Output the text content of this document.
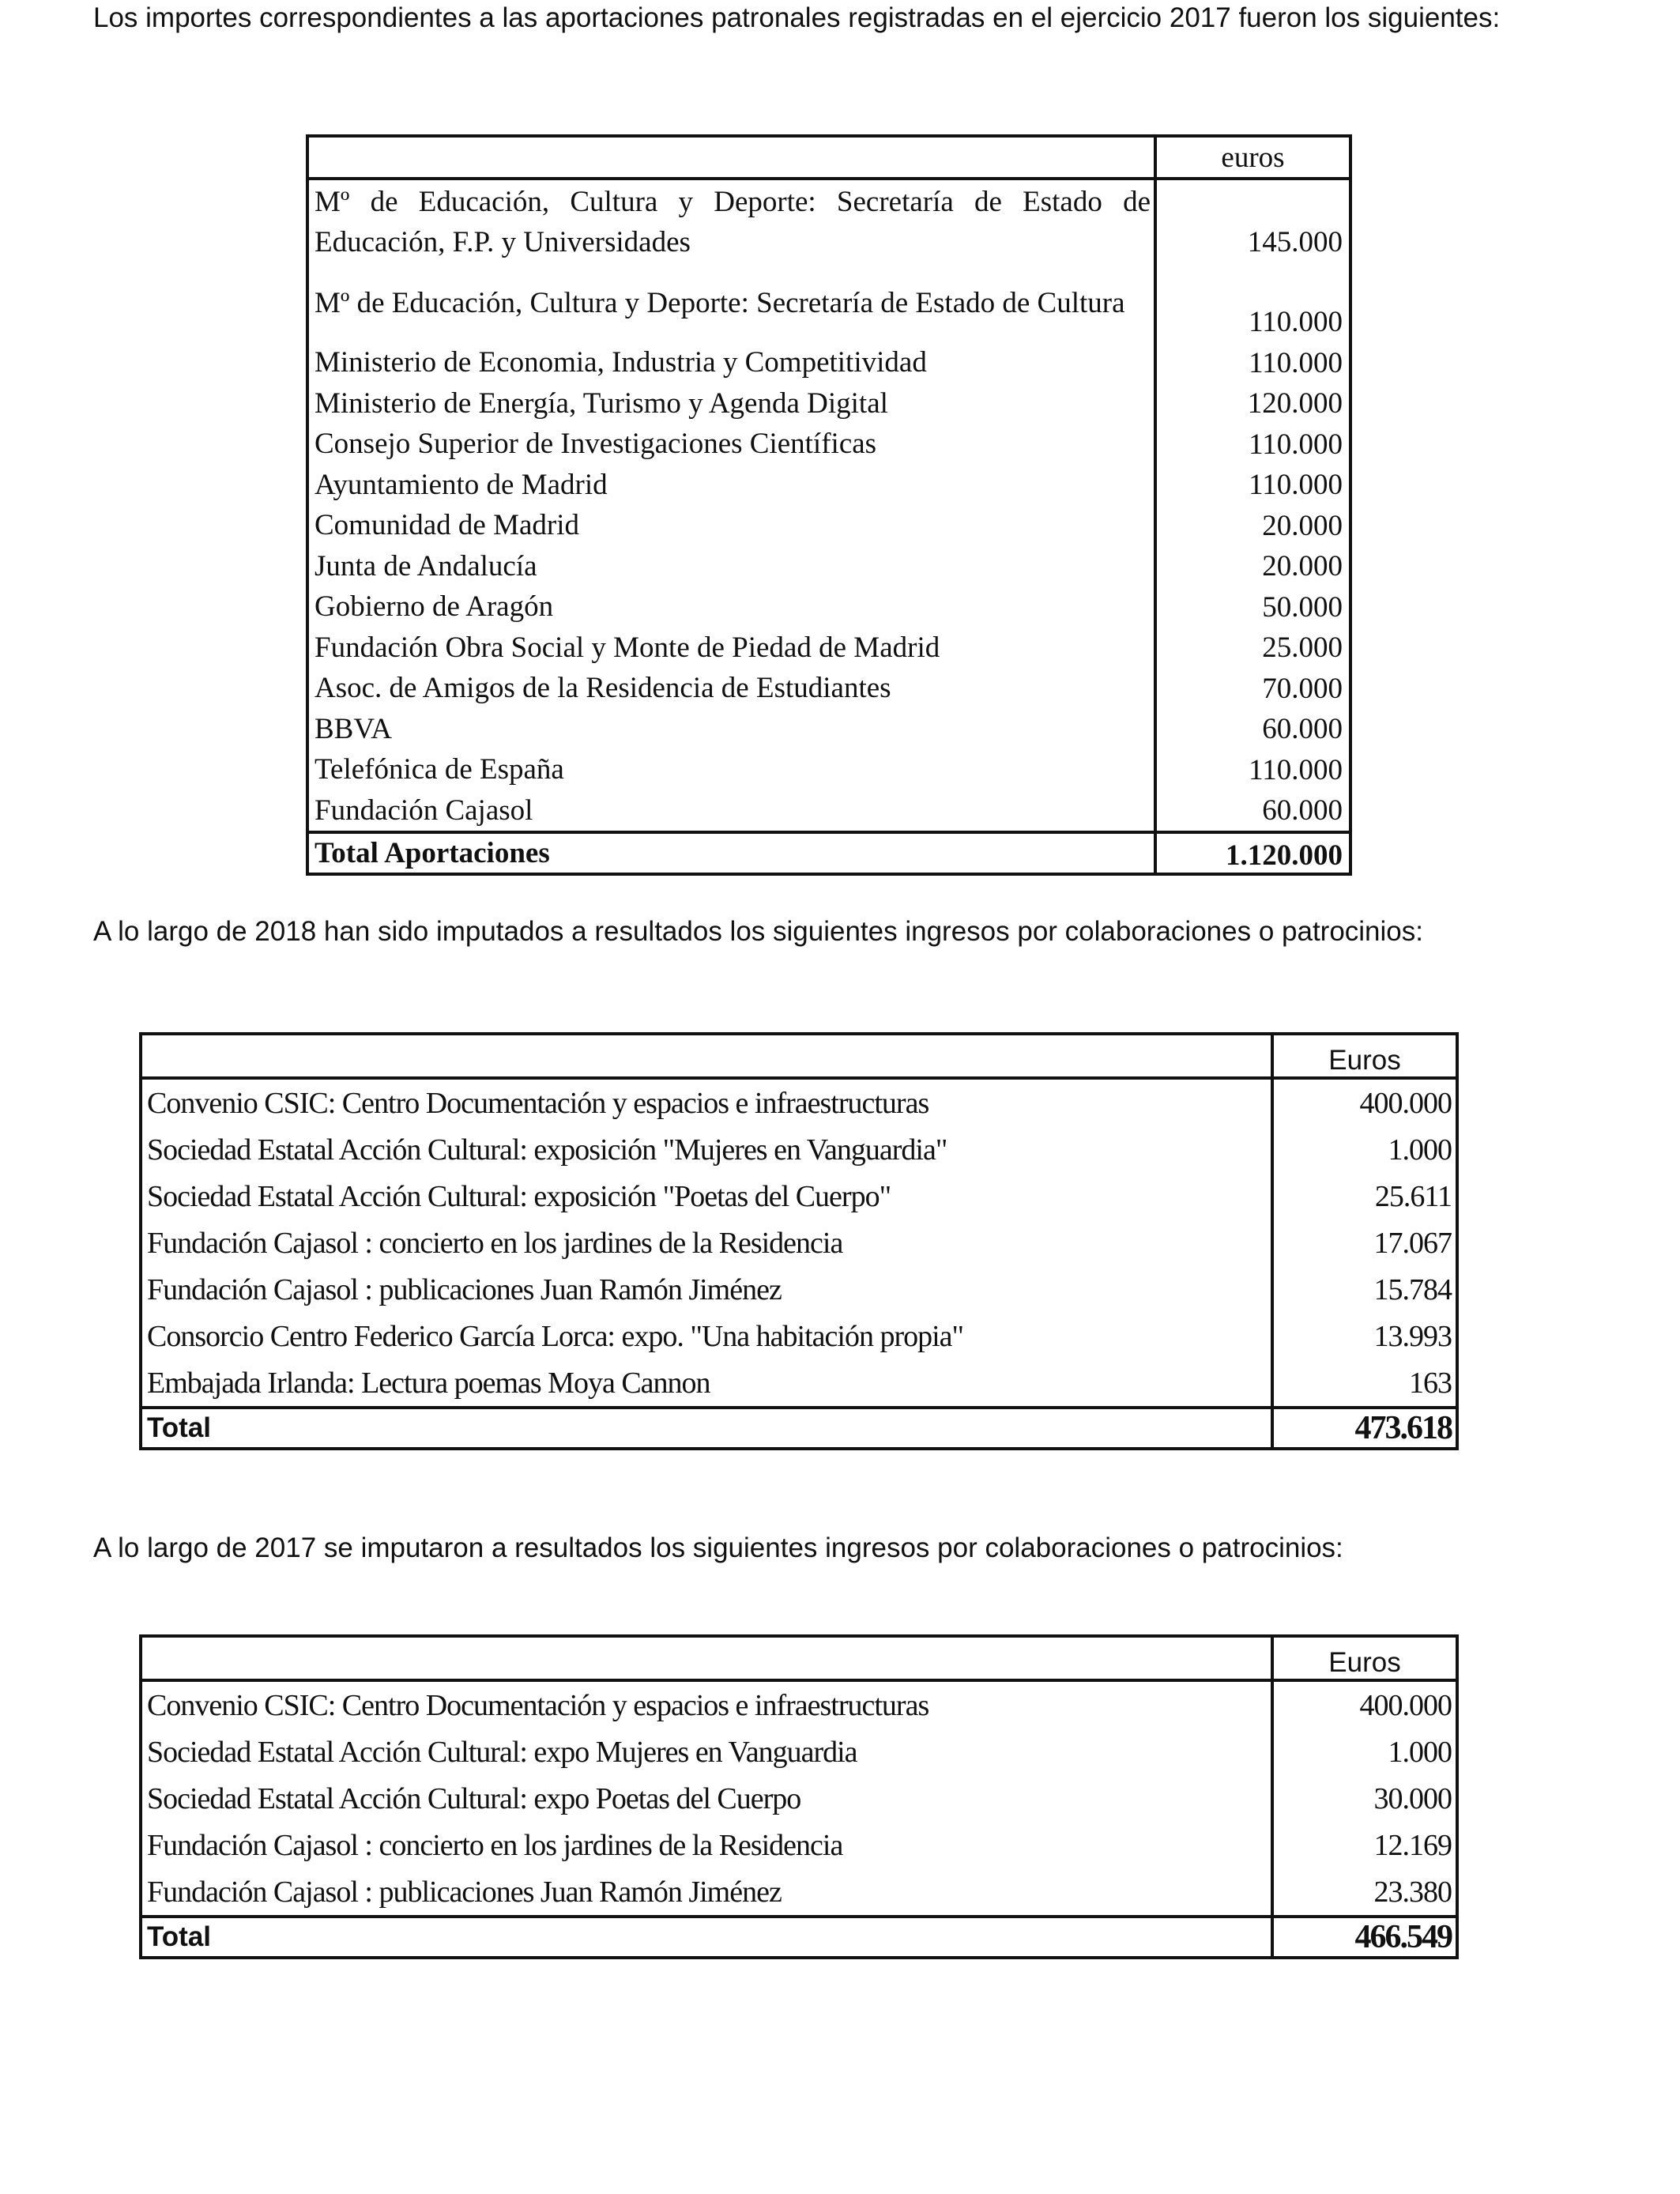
Los importes correspondientes a las aportaciones patronales registradas en el ejercicio 2017 fueron los siguientes:

	euros
Mº de Educación, Cultura y Deporte: Secretaría de Estado de Educación, F.P. y Universidades	145.000
Mº de Educación, Cultura y Deporte: Secretaría de Estado de Cultura	110.000
Ministerio de Economia, Industria y Competitividad	110.000
Ministerio de Energía, Turismo y Agenda Digital	120.000
Consejo Superior de Investigaciones Científicas	110.000
Ayuntamiento de Madrid	110.000
Comunidad de Madrid	20.000
Junta de Andalucía	20.000
Gobierno de Aragón	50.000
Fundación Obra Social y Monte de Piedad de Madrid	25.000
Asoc. de Amigos de la Residencia de Estudiantes	70.000
BBVA	60.000
Telefónica de España	110.000
Fundación Cajasol	60.000
Total Aportaciones	1.120.000

A lo largo de 2018 han sido imputados a resultados los siguientes ingresos por colaboraciones o patrocinios:

	Euros
Convenio CSIC: Centro Documentación y espacios e infraestructuras	400.000
Sociedad Estatal Acción Cultural: exposición "Mujeres en Vanguardia"	1.000
Sociedad Estatal Acción Cultural: exposición "Poetas del Cuerpo"	25.611
Fundación Cajasol : concierto en los jardines de la Residencia	17.067
Fundación Cajasol : publicaciones Juan Ramón Jiménez	15.784
Consorcio Centro Federico García Lorca: expo. "Una habitación propia"	13.993
Embajada Irlanda: Lectura poemas Moya Cannon	163
Total	473.618

A lo largo de 2017 se imputaron a resultados los siguientes ingresos por colaboraciones o patrocinios:

	Euros
Convenio CSIC: Centro Documentación y espacios e infraestructuras	400.000
Sociedad Estatal Acción Cultural: expo Mujeres en Vanguardia	1.000
Sociedad Estatal Acción Cultural: expo Poetas del Cuerpo	30.000
Fundación Cajasol : concierto en los jardines de la Residencia	12.169
Fundación Cajasol : publicaciones Juan Ramón Jiménez	23.380
Total	466.549
